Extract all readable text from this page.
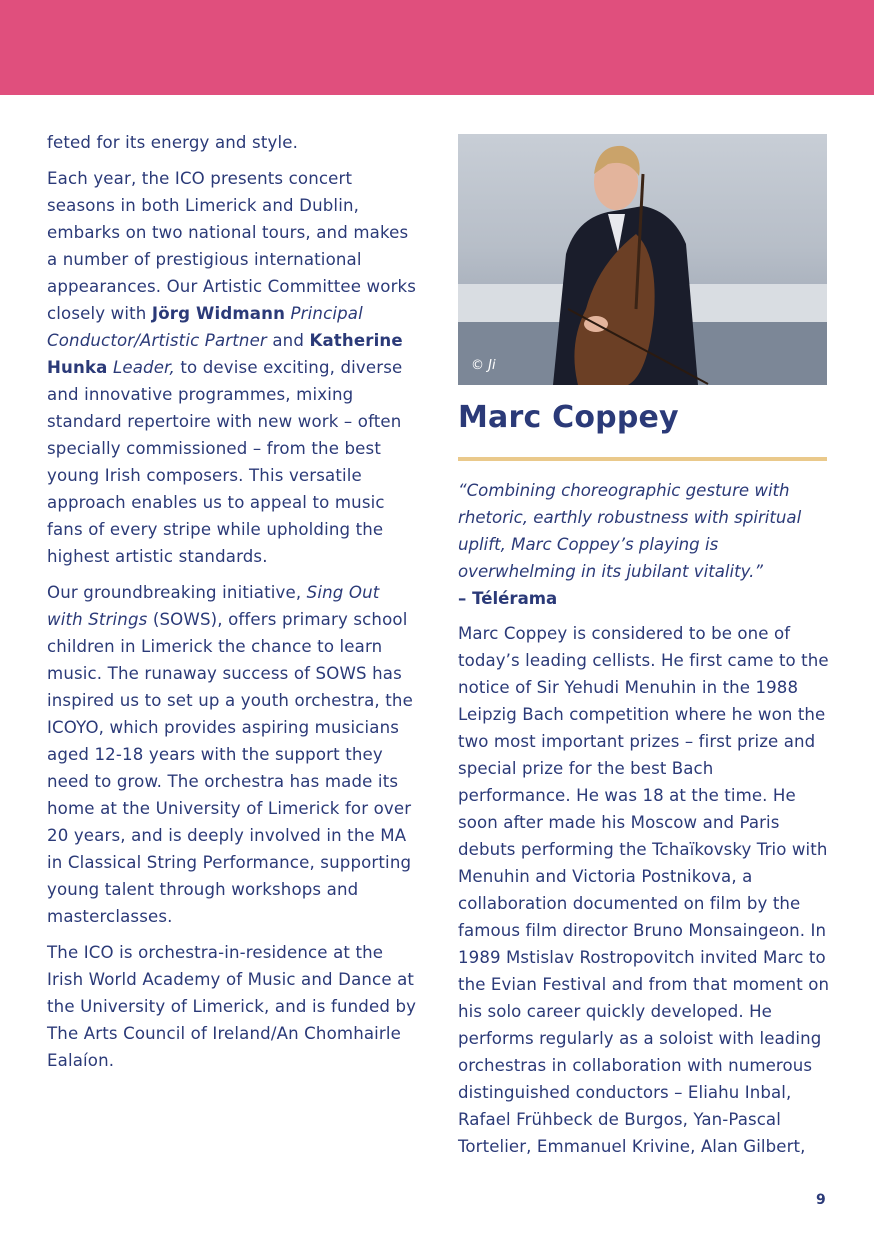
feted for its energy and style.

Each year, the ICO presents concert seasons in both Limerick and Dublin, embarks on two national tours, and makes a number of prestigious international appearances. Our Artistic Committee works closely with Jörg Widmann Principal Conductor/Artistic Partner and Katherine Hunka Leader, to devise exciting, diverse and innovative programmes, mixing standard repertoire with new work – often specially commissioned – from the best young Irish composers. This versatile approach enables us to appeal to music fans of every stripe while upholding the highest artistic standards.

Our groundbreaking initiative, Sing Out with Strings (SOWS), offers primary school children in Limerick the chance to learn music. The runaway success of SOWS has inspired us to set up a youth orchestra, the ICOYO, which provides aspiring musicians aged 12-18 years with the support they need to grow. The orchestra has made its home at the University of Limerick for over 20 years, and is deeply involved in the MA in Classical String Performance, supporting young talent through workshops and masterclasses.

The ICO is orchestra-in-residence at the Irish World Academy of Music and Dance at the University of Limerick, and is funded by The Arts Council of Ireland/An Chomhairle Ealaíon.

© Ji
Marc Coppey
“Combining choreographic gesture with rhetoric, earthly robustness with spiritual uplift, Marc Coppey’s playing is overwhelming in its jubilant vitality.”
– Télérama
Marc Coppey is considered to be one of today’s leading cellists. He first came to the notice of Sir Yehudi Menuhin in the 1988 Leipzig Bach competition where he won the two most important prizes – first prize and special prize for the best Bach performance. He was 18 at the time. He soon after made his Moscow and Paris debuts performing the Tchaïkovsky Trio with Menuhin and Victoria Postnikova, a collaboration documented on film by the famous film director Bruno Monsaingeon. In 1989 Mstislav Rostropovitch invited Marc to the Evian Festival and from that moment on his solo career quickly developed. He performs regularly as a soloist with leading orchestras in collaboration with numerous distinguished conductors – Eliahu Inbal, Rafael Frühbeck de Burgos, Yan-Pascal Tortelier, Emmanuel Krivine, Alan Gilbert,
9
